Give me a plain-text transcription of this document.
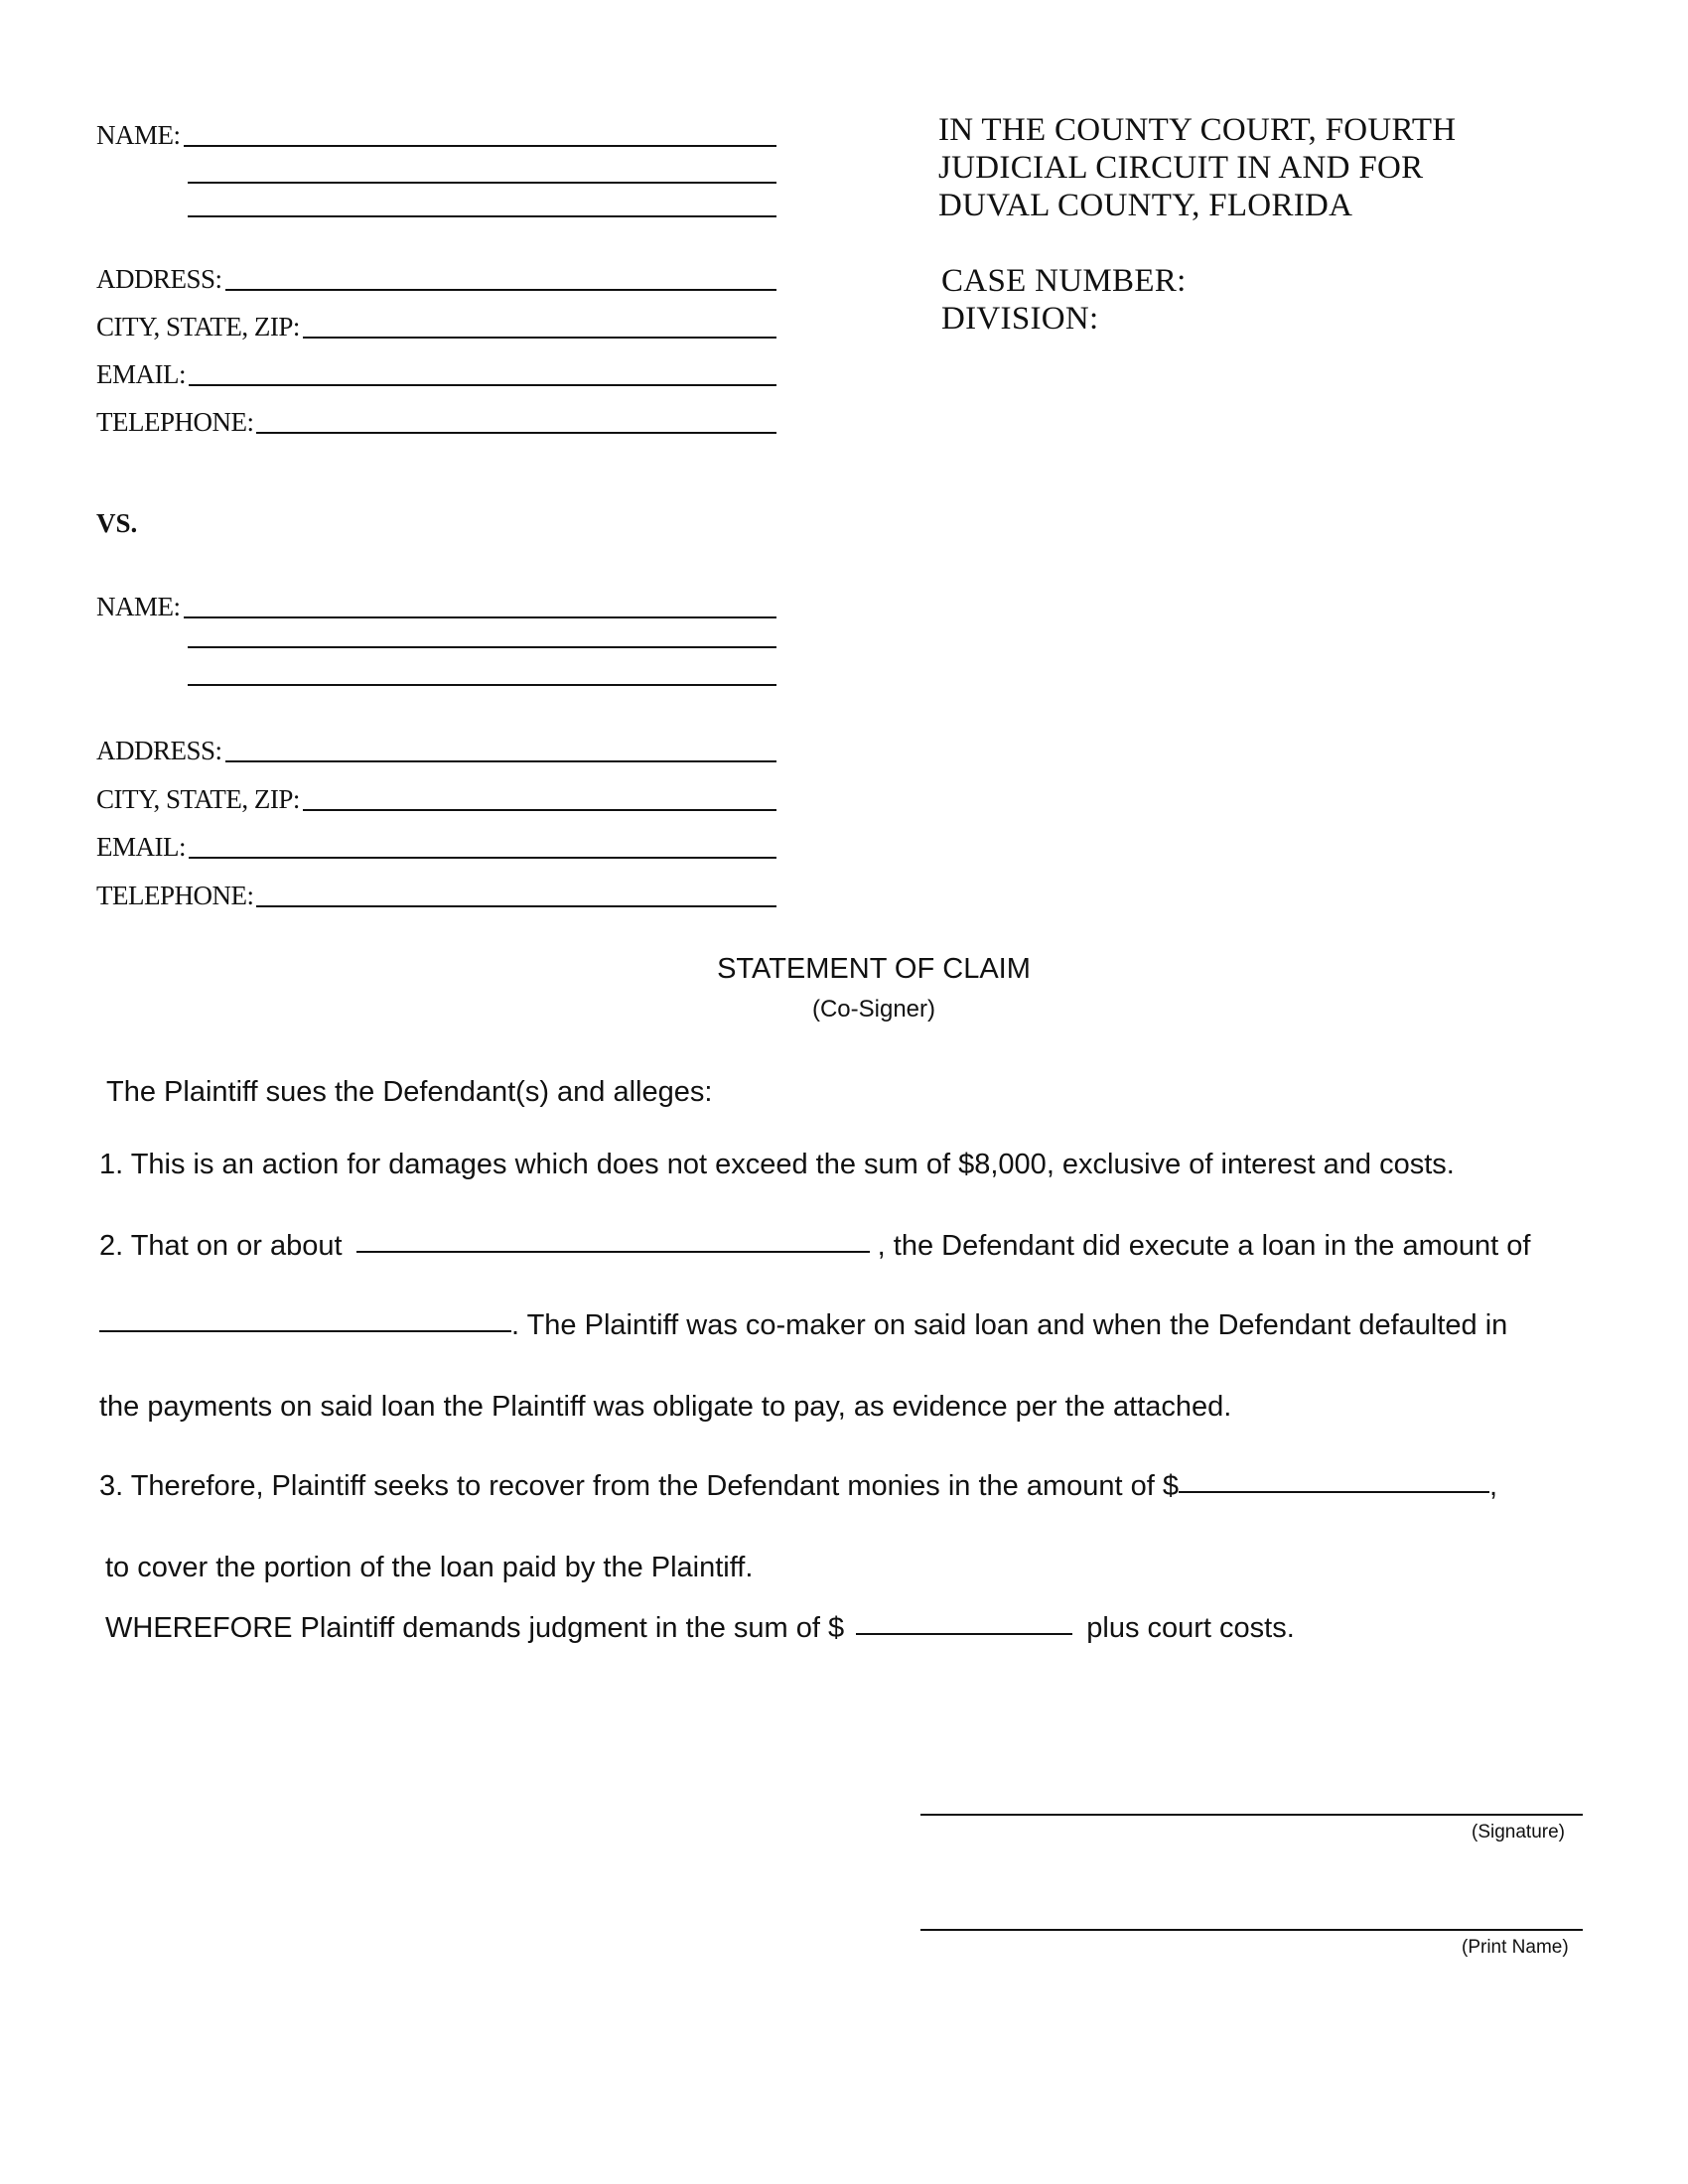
NAME:
ADDRESS:
CITY, STATE, ZIP:
EMAIL:
TELEPHONE:
VS.
NAME:
ADDRESS:
CITY, STATE, ZIP:
EMAIL:
TELEPHONE:
IN THE COUNTY COURT, FOURTH
JUDICIAL CIRCUIT IN AND FOR
DUVAL COUNTY, FLORIDA
CASE NUMBER:
DIVISION:
STATEMENT OF CLAIM
(Co-Signer)
The Plaintiff sues the Defendant(s) and alleges:
1. This is an action for damages which does not exceed the sum of $8,000, exclusive of interest and costs.
2. That on or about	, the Defendant did execute a loan in the amount of
. The Plaintiff was co-maker on said loan and when the Defendant defaulted in
the payments on said loan the Plaintiff was obligate to pay, as evidence per the attached.
3. Therefore, Plaintiff seeks to recover from the Defendant monies in the amount of $	,
to cover the portion of the loan paid by the Plaintiff.
WHEREFORE Plaintiff demands judgment in the sum of $	plus court costs.
(Signature)
(Print Name)
